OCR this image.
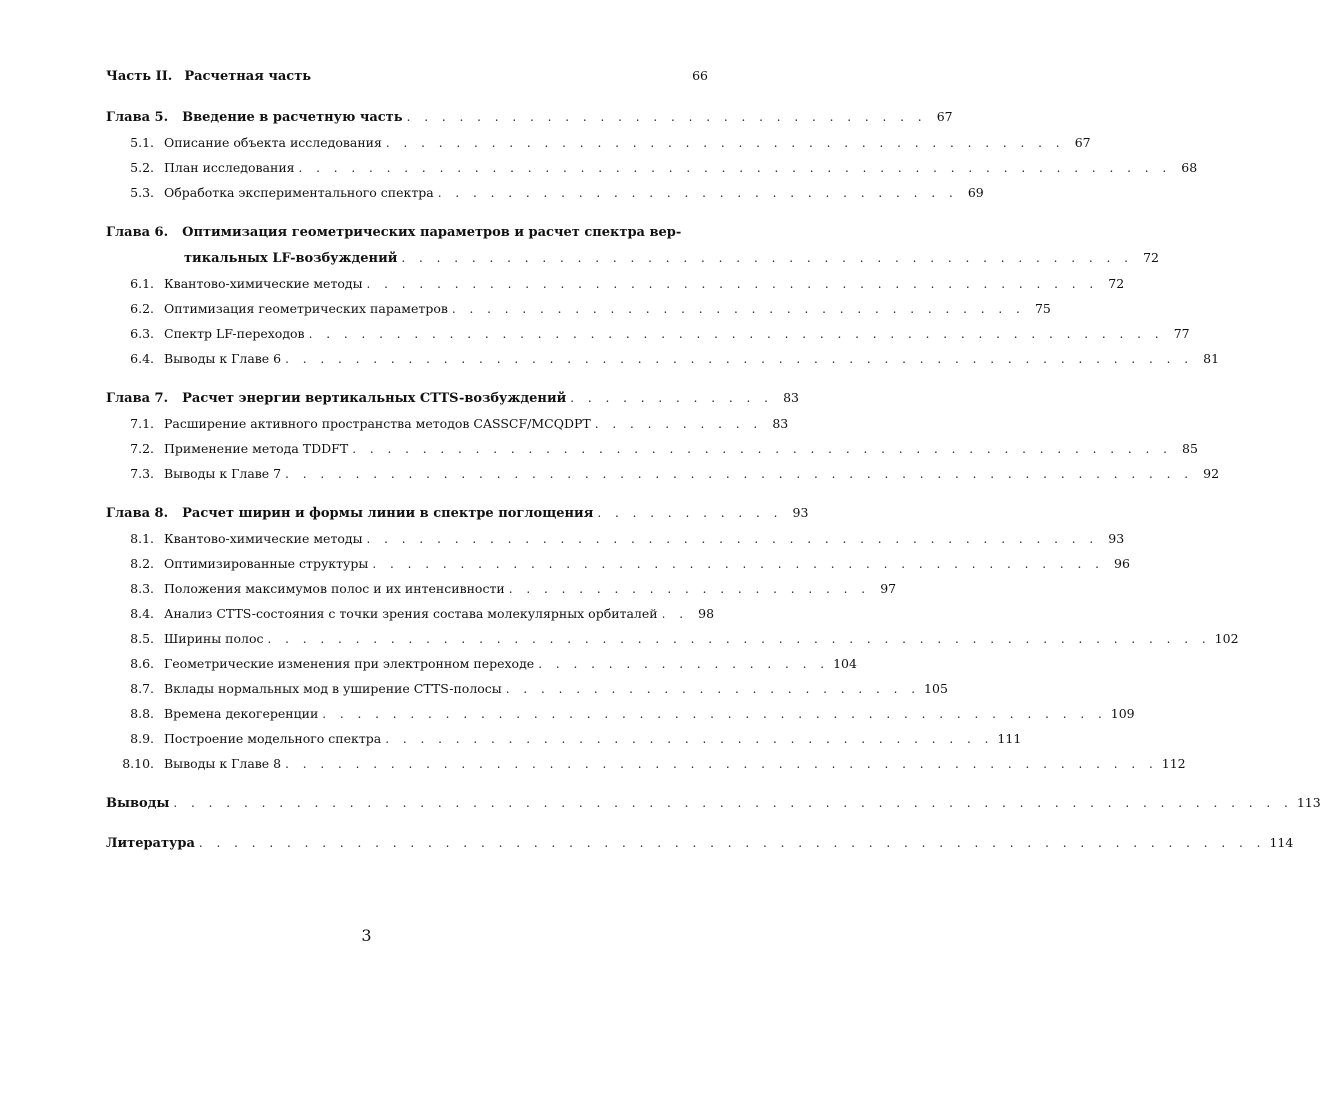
Часть II. Расчетная часть	66
Глава 5.	Введение в расчетную часть . . . . . . . . . . . . . . . . . . . . . . . . . . . . . . 67
5.1. Описание объекта исследования . . . . . . . . . . . . . . . . . . . . . . . . . . . . . . . . . . . . . . . 67
5.2. План исследования . . . . . . . . . . . . . . . . . . . . . . . . . . . . . . . . . . . . . . . . . . . . . . . . . . 68
5.3. Обработка экспериментального спектра . . . . . . . . . . . . . . . . . . . . . . . . . . . . . . 69
Глава 6.	Оптимизация геометрических параметров и расчет спектра вер-
тикальных LF-возбуждений . . . . . . . . . . . . . . . . . . . . . . . . . . . . . . . . . . . . . . . . . . 72
6.1. Квантово-химические методы . . . . . . . . . . . . . . . . . . . . . . . . . . . . . . . . . . . . . . . . . . 72
6.2. Оптимизация геометрических параметров . . . . . . . . . . . . . . . . . . . . . . . . . . . . . . . . . 75
6.3. Спектр LF-переходов . . . . . . . . . . . . . . . . . . . . . . . . . . . . . . . . . . . . . . . . . . . . . . . . . 77
6.4. Выводы к Главе 6 . . . . . . . . . . . . . . . . . . . . . . . . . . . . . . . . . . . . . . . . . . . . . . . . . . . . 81
Глава 7.	Расчет энергии вертикальных CTTS-возбуждений . . . . . . . . . . . . 83
7.1. Расширение активного пространства методов CASSCF/MCQDPT . . . . . . . . . . 83
7.2. Применение метода TDDFT . . . . . . . . . . . . . . . . . . . . . . . . . . . . . . . . . . . . . . . . . . . . . . . 85
7.3. Выводы к Главе 7 . . . . . . . . . . . . . . . . . . . . . . . . . . . . . . . . . . . . . . . . . . . . . . . . . . . . 92
Глава 8.	Расчет ширин и формы линии в спектре поглощения . . . . . . . . . . . 93
8.1. Квантово-химические методы . . . . . . . . . . . . . . . . . . . . . . . . . . . . . . . . . . . . . . . . . . 93
8.2. Оптимизированные структуры . . . . . . . . . . . . . . . . . . . . . . . . . . . . . . . . . . . . . . . . . . 96
8.3. Положения максимумов полос и их интенсивности . . . . . . . . . . . . . . . . . . . . . 97
8.4. Анализ CTTS-состояния с точки зрения состава молекулярных орбиталей . . 98
8.5. Ширины полос . . . . . . . . . . . . . . . . . . . . . . . . . . . . . . . . . . . . . . . . . . . . . . . . . . . . . . 102
8.6. Геометрические изменения при электронном переходе . . . . . . . . . . . . . . . . . 104
8.7. Вклады нормальных мод в уширение CTTS-полосы . . . . . . . . . . . . . . . . . . . . . . . . 105
8.8. Времена декогеренции . . . . . . . . . . . . . . . . . . . . . . . . . . . . . . . . . . . . . . . . . . . . . 109
8.9. Построение модельного спектра . . . . . . . . . . . . . . . . . . . . . . . . . . . . . . . . . . . 111
8.10. Выводы к Главе 8 . . . . . . . . . . . . . . . . . . . . . . . . . . . . . . . . . . . . . . . . . . . . . . . . . . 112
Выводы . . . . . . . . . . . . . . . . . . . . . . . . . . . . . . . . . . . . . . . . . . . . . . . . . . . . . . . . . . . . . . . . 113
Литература . . . . . . . . . . . . . . . . . . . . . . . . . . . . . . . . . . . . . . . . . . . . . . . . . . . . . . . . . . . . . 114
3
